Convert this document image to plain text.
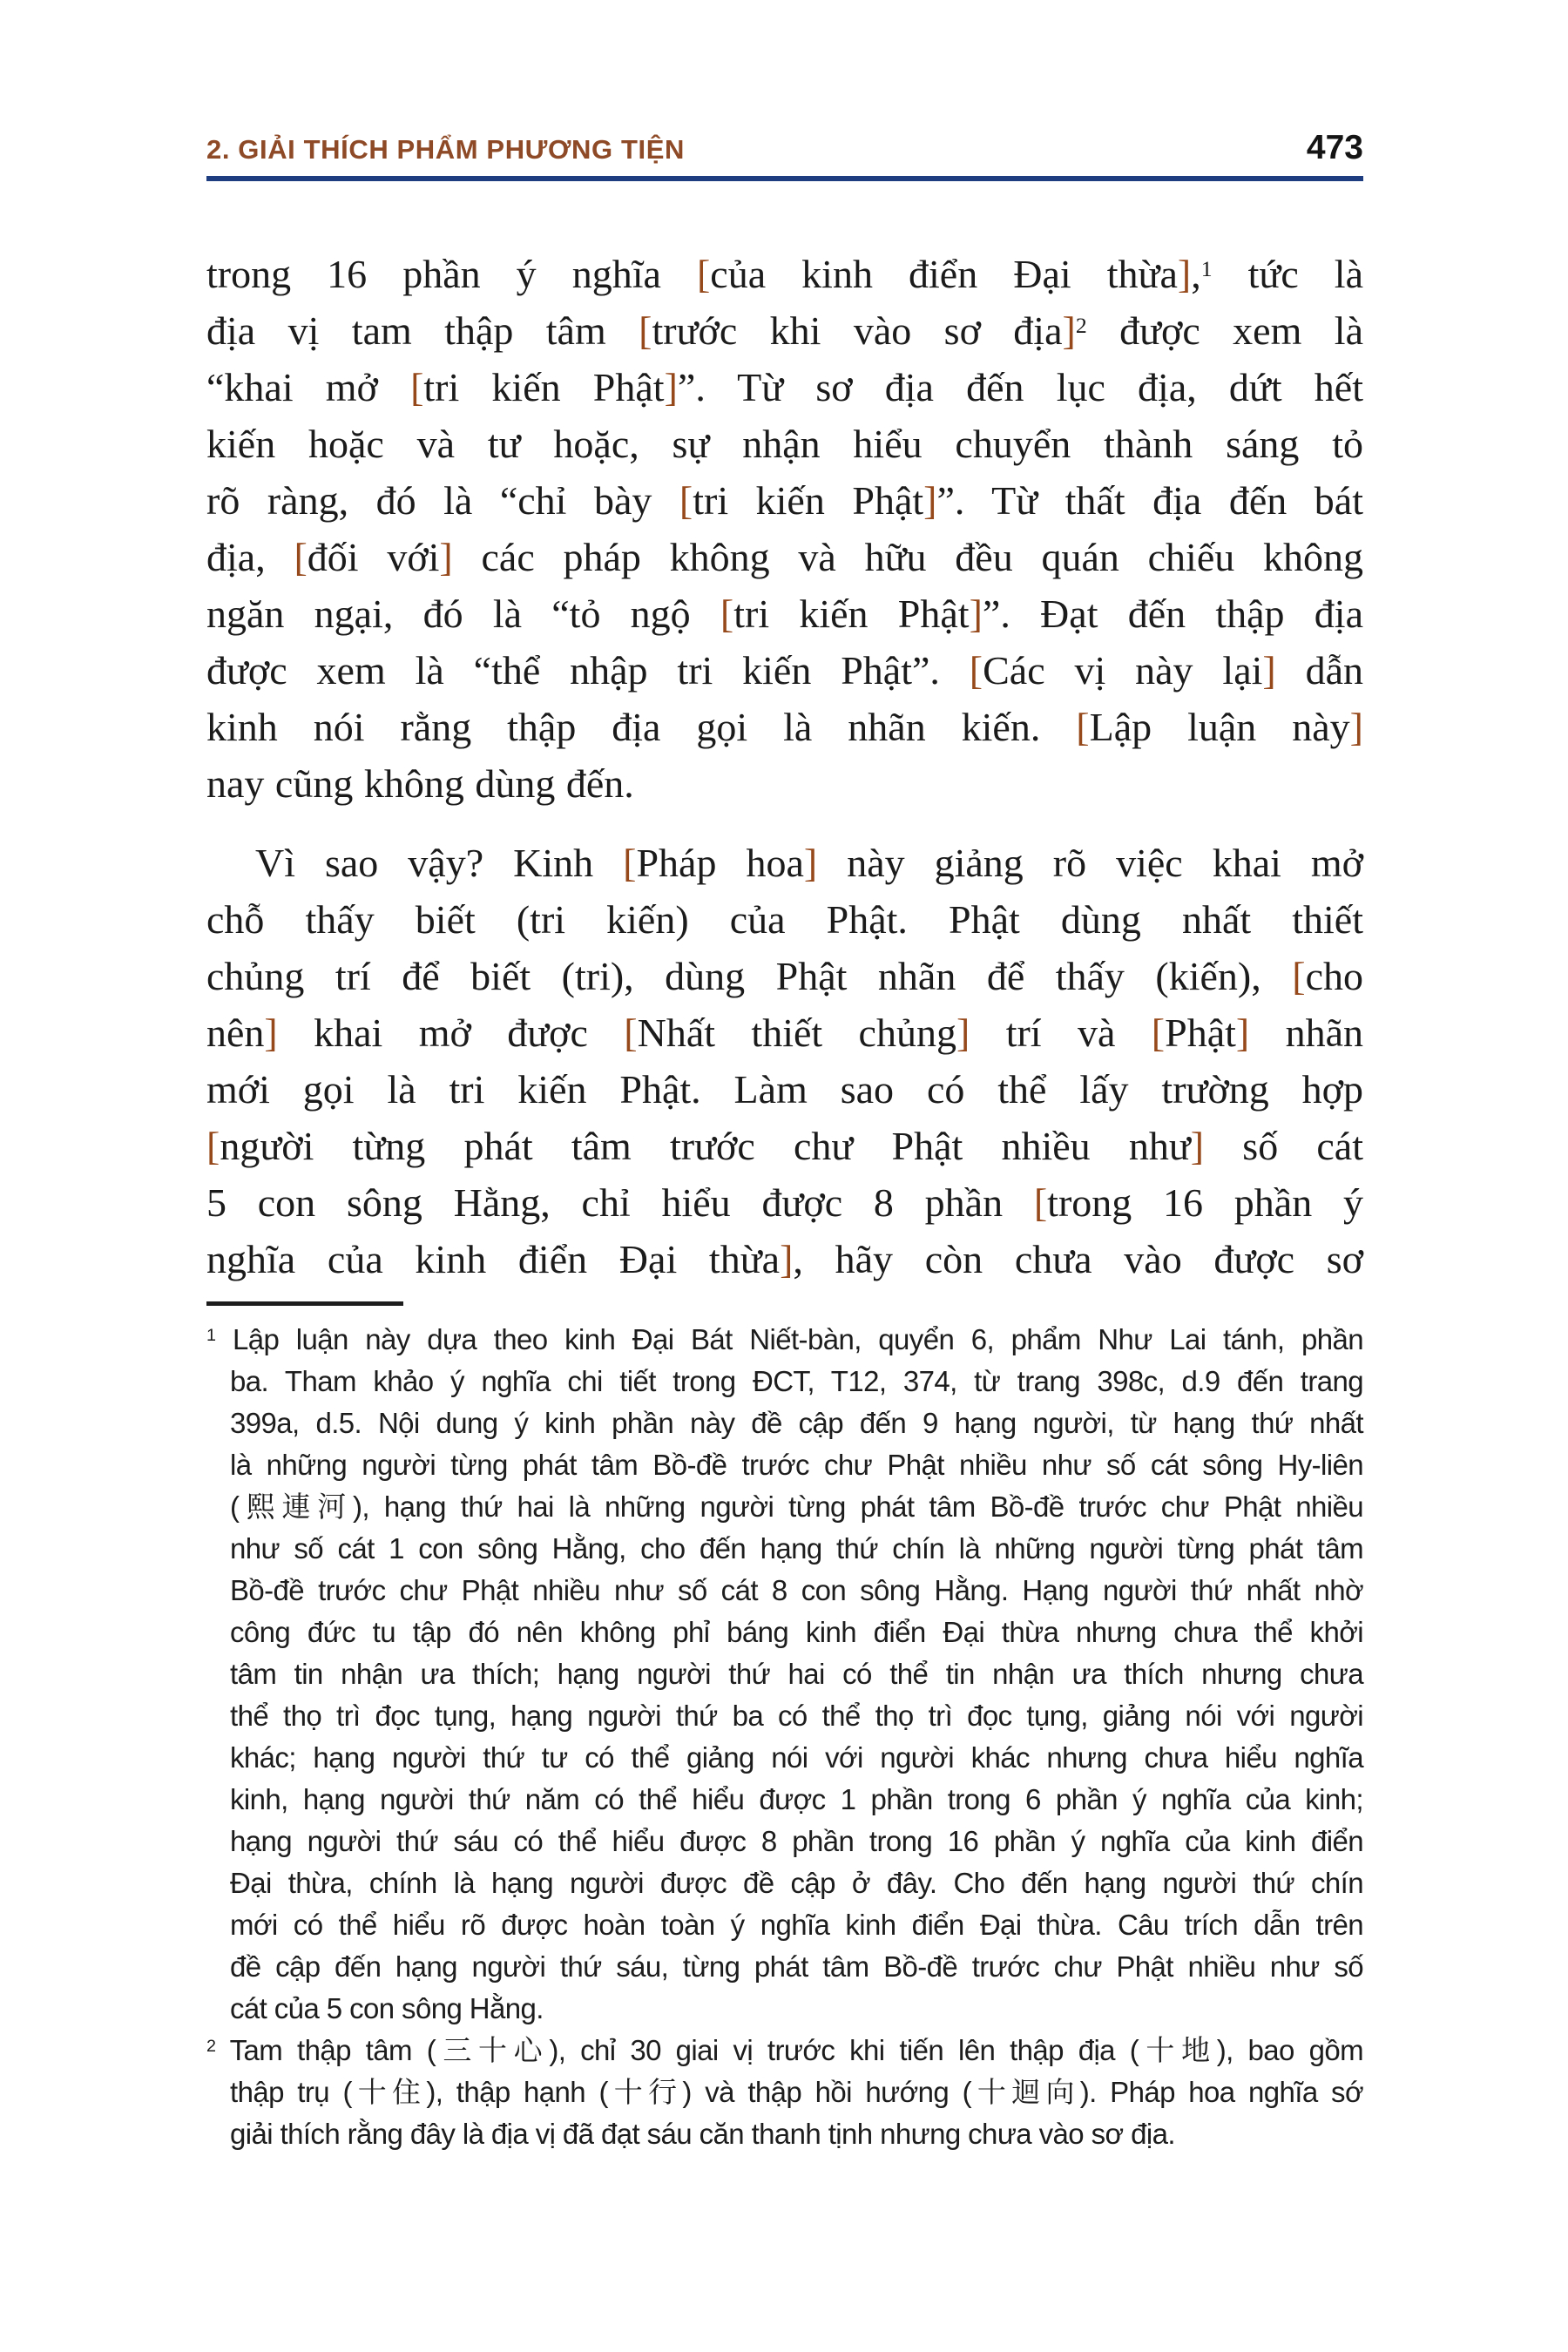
2. GIẢI THÍCH PHẨM PHƯƠNG TIỆN	473
trong 16 phần ý nghĩa [của kinh điển Đại thừa],$^1$ tức là
địa vị tam thập tâm [trước khi vào sơ địa]$^2$ được xem là
“khai mở [tri kiến Phật]”. Từ sơ địa đến lục địa, dứt hết
kiến hoặc và tư hoặc, sự nhận hiểu chuyển thành sáng tỏ
rõ ràng, đó là “chỉ bày [tri kiến Phật]”. Từ thất địa đến bát
địa, [đối với] các pháp không và hữu đều quán chiếu không
ngăn ngại, đó là “tỏ ngộ [tri kiến Phật]”. Đạt đến thập địa
được xem là “thể nhập tri kiến Phật”. [Các vị này lại] dẫn
kinh nói rằng thập địa gọi là nhãn kiến. [Lập luận này]
nay cũng không dùng đến.
Vì sao vậy? Kinh [Pháp hoa] này giảng rõ việc khai mở
chỗ thấy biết (tri kiến) của Phật. Phật dùng nhất thiết
chủng trí để biết (tri), dùng Phật nhãn để thấy (kiến), [cho
nên] khai mở được [Nhất thiết chủng] trí và [Phật] nhãn
mới gọi là tri kiến Phật. Làm sao có thể lấy trường hợp
[người từng phát tâm trước chư Phật nhiều như] số cát
5 con sông Hằng, chỉ hiểu được 8 phần [trong 16 phần ý
nghĩa của kinh điển Đại thừa], hãy còn chưa vào được sơ
$^1$ Lập luận này dựa theo kinh Đại Bát Niết-bàn, quyển 6, phẩm Như Lai tánh, phần
ba. Tham khảo ý nghĩa chi tiết trong ĐCT, T12, 374, từ trang 398c, d.9 đến trang
399a, d.5. Nội dung ý kinh phần này đề cập đến 9 hạng người, từ hạng thứ nhất
là những người từng phát tâm Bồ-đề trước chư Phật nhiều như số cát sông Hy-liên
(熙連河), hạng thứ hai là những người từng phát tâm Bồ-đề trước chư Phật nhiều
như số cát 1 con sông Hằng, cho đến hạng thứ chín là những người từng phát tâm
Bồ-đề trước chư Phật nhiều như số cát 8 con sông Hằng. Hạng người thứ nhất nhờ
công đức tu tập đó nên không phỉ báng kinh điển Đại thừa nhưng chưa thể khởi
tâm tin nhận ưa thích; hạng người thứ hai có thể tin nhận ưa thích nhưng chưa
thể thọ trì đọc tụng, hạng người thứ ba có thể thọ trì đọc tụng, giảng nói với người
khác; hạng người thứ tư có thể giảng nói với người khác nhưng chưa hiểu nghĩa
kinh, hạng người thứ năm có thể hiểu được 1 phần trong 6 phần ý nghĩa của kinh;
hạng người thứ sáu có thể hiểu được 8 phần trong 16 phần ý nghĩa của kinh điển
Đại thừa, chính là hạng người được đề cập ở đây. Cho đến hạng người thứ chín
mới có thể hiểu rõ được hoàn toàn ý nghĩa kinh điển Đại thừa. Câu trích dẫn trên
đề cập đến hạng người thứ sáu, từng phát tâm Bồ-đề trước chư Phật nhiều như số
cát của 5 con sông Hằng.
$^2$ Tam thập tâm (三十心), chỉ 30 giai vị trước khi tiến lên thập địa (十地), bao gồm
thập trụ (十住), thập hạnh (十行) và thập hồi hướng (十迴向). Pháp hoa nghĩa sớ
giải thích rằng đây là địa vị đã đạt sáu căn thanh tịnh nhưng chưa vào sơ địa.
